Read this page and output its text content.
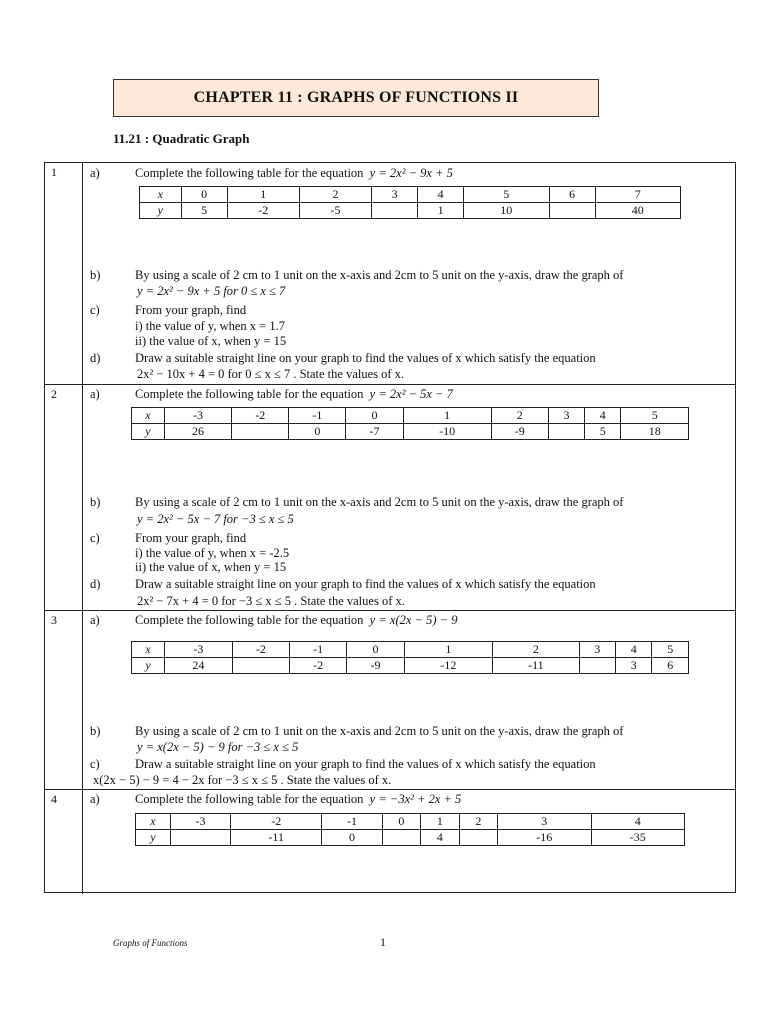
CHAPTER 11 : GRAPHS OF FUNCTIONS II
11.21 : Quadratic Graph
1	a)	Complete the following table for the equation y = 2x² − 9x + 5
x	0	1	2	3	4	5	6	7
y	5	-2	-5		1	10		40
b)	By using a scale of 2 cm to 1 unit on the x-axis and 2cm to 5 unit on the y-axis, draw the graph of
y = 2x² − 9x + 5 for 0 ≤ x ≤ 7
c)	From your graph, find
i) the value of y, when x = 1.7
ii) the value of x, when y = 15
d)	Draw a suitable straight line on your graph to find the values of x which satisfy the equation
2x² − 10x + 4 = 0 for 0 ≤ x ≤ 7 . State the values of x.
2	a)	Complete the following table for the equation y = 2x² − 5x − 7
x	-3	-2	-1	0	1	2	3	4	5
y	26		0	-7	-10	-9		5	18
b)	By using a scale of 2 cm to 1 unit on the x-axis and 2cm to 5 unit on the y-axis, draw the graph of
y = 2x² − 5x − 7 for −3 ≤ x ≤ 5
c)	From your graph, find
i) the value of y, when x = -2.5
ii) the value of x, when y = 15
d)	Draw a suitable straight line on your graph to find the values of x which satisfy the equation
2x² − 7x + 4 = 0 for −3 ≤ x ≤ 5 . State the values of x.
3	a)	Complete the following table for the equation y = x(2x − 5) − 9
x	-3	-2	-1	0	1	2	3	4	5
y	24		-2	-9	-12	-11		3	6
b)	By using a scale of 2 cm to 1 unit on the x-axis and 2cm to 5 unit on the y-axis, draw the graph of
y = x(2x − 5) − 9 for −3 ≤ x ≤ 5
c)	Draw a suitable straight line on your graph to find the values of x which satisfy the equation
x(2x − 5) − 9 = 4 − 2x for −3 ≤ x ≤ 5 . State the values of x.
4	a)	Complete the following table for the equation y = −3x² + 2x + 5
x	-3	-2	-1	0	1	2	3	4
y		-11	0		4		-16	-35
Graphs of Functions	1
